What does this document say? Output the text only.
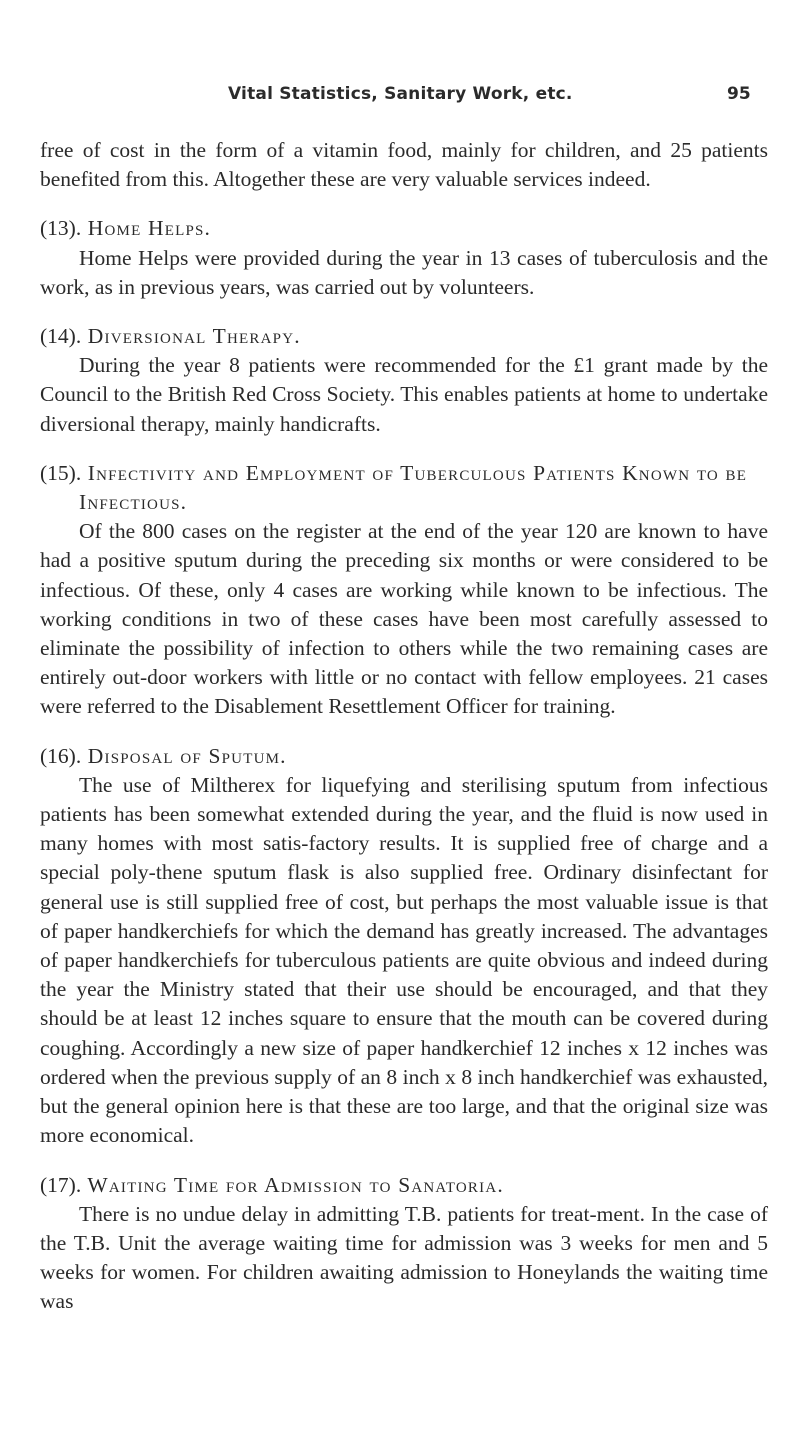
Vital Statistics, Sanitary Work, etc.	95

free of cost in the form of a vitamin food, mainly for children, and 25 patients benefited from this. Altogether these are very valuable services indeed.

(13). Home Helps.

Home Helps were provided during the year in 13 cases of tuberculosis and the work, as in previous years, was carried out by volunteers.

(14). Diversional Therapy.

During the year 8 patients were recommended for the £1 grant made by the Council to the British Red Cross Society. This enables patients at home to undertake diversional therapy, mainly handicrafts.

(15). Infectivity and Employment of Tuberculous Patients Known to be Infectious.

Of the 800 cases on the register at the end of the year 120 are known to have had a positive sputum during the preceding six months or were considered to be infectious. Of these, only 4 cases are working while known to be infectious. The working conditions in two of these cases have been most carefully assessed to eliminate the possibility of infection to others while the two remaining cases are entirely out-door workers with little or no contact with fellow employees. 21 cases were referred to the Disablement Resettlement Officer for training.

(16). Disposal of Sputum.

The use of Miltherex for liquefying and sterilising sputum from infectious patients has been somewhat extended during the year, and the fluid is now used in many homes with most satis-factory results. It is supplied free of charge and a special poly-thene sputum flask is also supplied free. Ordinary disinfectant for general use is still supplied free of cost, but perhaps the most valuable issue is that of paper handkerchiefs for which the demand has greatly increased. The advantages of paper handkerchiefs for tuberculous patients are quite obvious and indeed during the year the Ministry stated that their use should be encouraged, and that they should be at least 12 inches square to ensure that the mouth can be covered during coughing. Accordingly a new size of paper handkerchief 12 inches x 12 inches was ordered when the previous supply of an 8 inch x 8 inch handkerchief was exhausted, but the general opinion here is that these are too large, and that the original size was more economical.

(17). Waiting Time for Admission to Sanatoria.

There is no undue delay in admitting T.B. patients for treat-ment. In the case of the T.B. Unit the average waiting time for admission was 3 weeks for men and 5 weeks for women. For children awaiting admission to Honeylands the waiting time was
